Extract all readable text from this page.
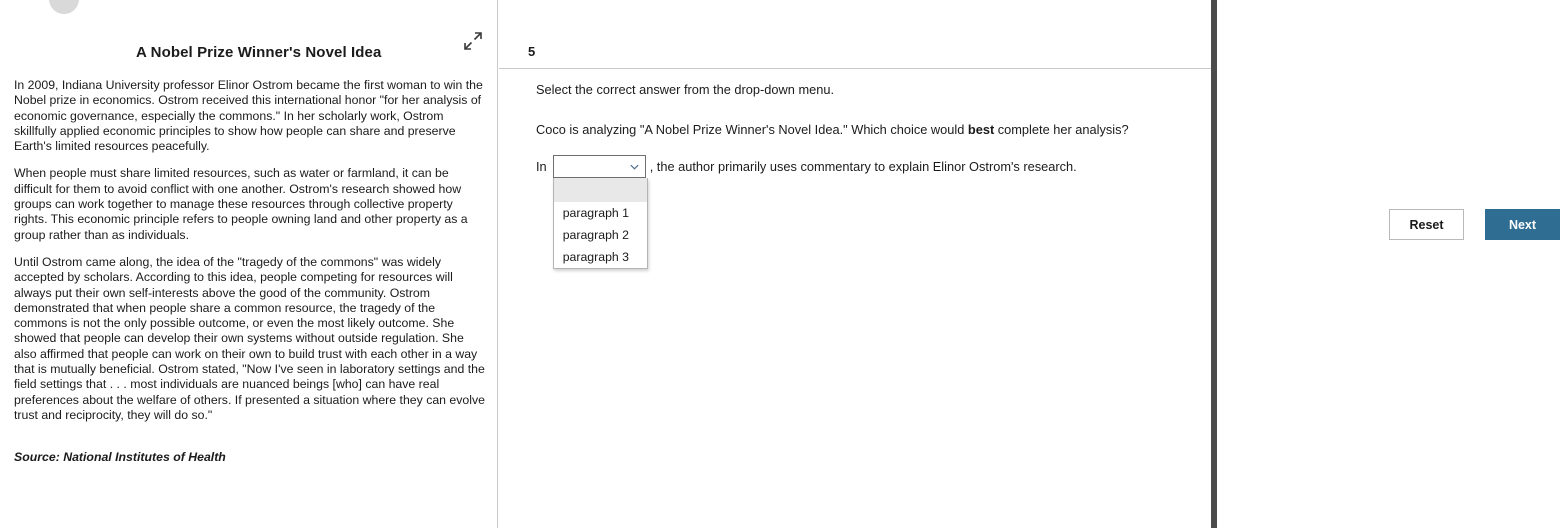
A Nobel Prize Winner's Novel Idea

In 2009, Indiana University professor Elinor Ostrom became the first woman to win the Nobel prize in economics. Ostrom received this international honor "for her analysis of economic governance, especially the commons." In her scholarly work, Ostrom skillfully applied economic principles to show how people can share and preserve Earth's limited resources peacefully.

When people must share limited resources, such as water or farmland, it can be difficult for them to avoid conflict with one another. Ostrom's research showed how groups can work together to manage these resources through collective property rights. This economic principle refers to people owning land and other property as a group rather than as individuals.

Until Ostrom came along, the idea of the "tragedy of the commons" was widely accepted by scholars. According to this idea, people competing for resources will always put their own self-interests above the good of the community. Ostrom demonstrated that when people share a common resource, the tragedy of the commons is not the only possible outcome, or even the most likely outcome. She showed that people can develop their own systems without outside regulation. She also affirmed that people can work on their own to build trust with each other in a way that is mutually beneficial. Ostrom stated, "Now I've seen in laboratory settings and the field settings that . . . most individuals are nuanced beings [who] can have real preferences about the welfare of others. If presented a situation where they can evolve trust and reciprocity, they will do so."

Source: National Institutes of Health
5
Select the correct answer from the drop-down menu.
Coco is analyzing "A Nobel Prize Winner's Novel Idea." Which choice would best complete her analysis?
In
paragraph 1
paragraph 2
paragraph 3
, the author primarily uses commentary to explain Elinor Ostrom's research.
Reset	Next
